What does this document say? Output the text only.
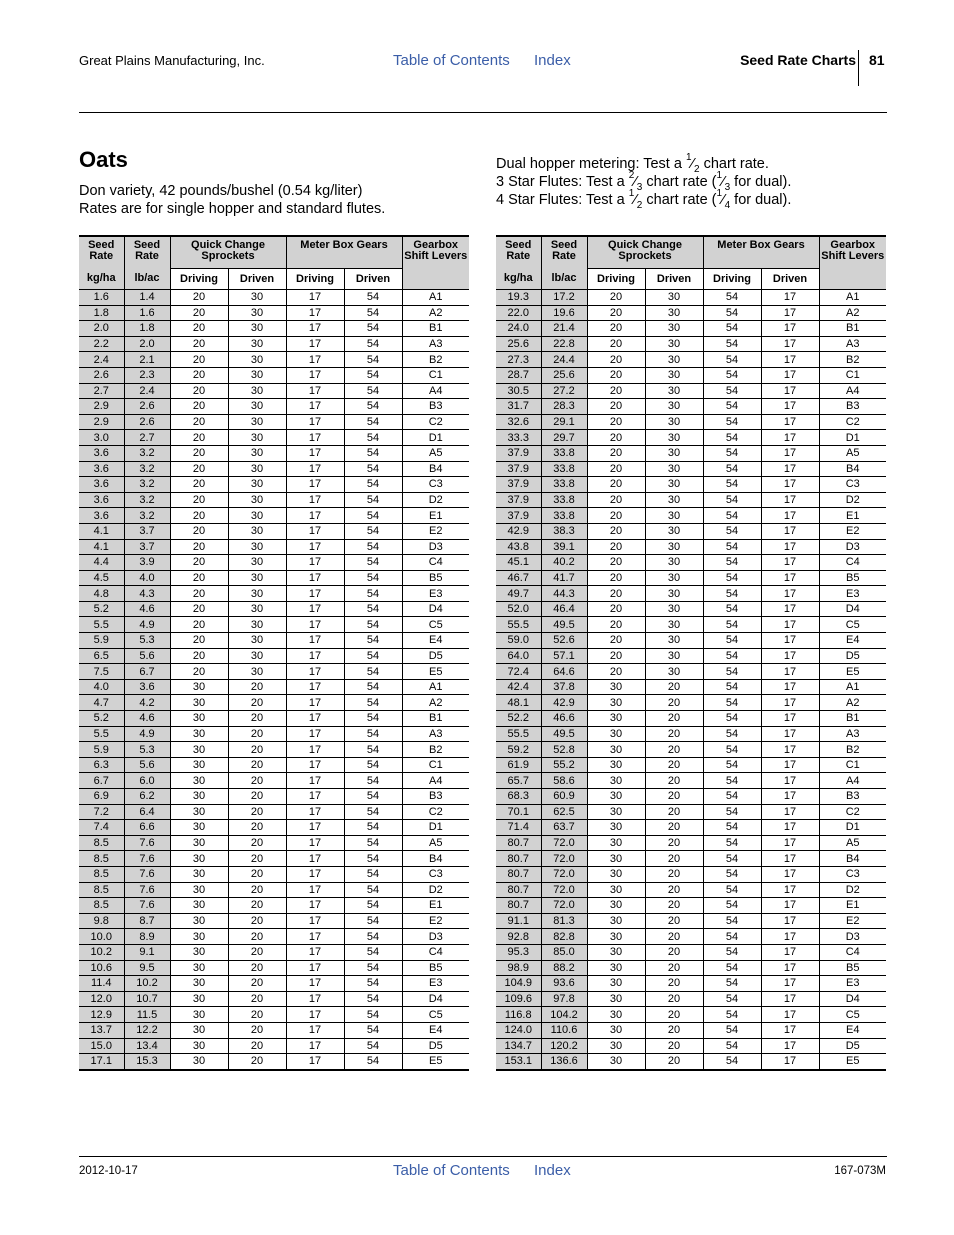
Great Plains Manufacturing, Inc.	Table of Contents Index	Seed Rate Charts 81
Oats
Don variety, 42 pounds/bushel (0.54 kg/liter)
Rates are for single hopper and standard flutes.
Dual hopper metering: Test a $^1⁄_2$ chart rate.
3 Star Flutes: Test a $^2⁄_3$ chart rate ($^1⁄_3$ for dual).
4 Star Flutes: Test a $^1⁄_2$ chart rate ($^1⁄_4$ for dual).
Seed Rate	Seed Rate	Quick Change Sprockets		Meter Box Gears		Gearbox Shift Levers
kg/ha	lb/ac	Driving	Driven	Driving	Driven	
1.6	1.4	20	30	17	54	A1
1.8	1.6	20	30	17	54	A2
2.0	1.8	20	30	17	54	B1
2.2	2.0	20	30	17	54	A3
2.4	2.1	20	30	17	54	B2
2.6	2.3	20	30	17	54	C1
2.7	2.4	20	30	17	54	A4
2.9	2.6	20	30	17	54	B3
2.9	2.6	20	30	17	54	C2
3.0	2.7	20	30	17	54	D1
3.6	3.2	20	30	17	54	A5
3.6	3.2	20	30	17	54	B4
3.6	3.2	20	30	17	54	C3
3.6	3.2	20	30	17	54	D2
3.6	3.2	20	30	17	54	E1
4.1	3.7	20	30	17	54	E2
4.1	3.7	20	30	17	54	D3
4.4	3.9	20	30	17	54	C4
4.5	4.0	20	30	17	54	B5
4.8	4.3	20	30	17	54	E3
5.2	4.6	20	30	17	54	D4
5.5	4.9	20	30	17	54	C5
5.9	5.3	20	30	17	54	E4
6.5	5.6	20	30	17	54	D5
7.5	6.7	20	30	17	54	E5
4.0	3.6	30	20	17	54	A1
4.7	4.2	30	20	17	54	A2
5.2	4.6	30	20	17	54	B1
5.5	4.9	30	20	17	54	A3
5.9	5.3	30	20	17	54	B2
6.3	5.6	30	20	17	54	C1
6.7	6.0	30	20	17	54	A4
6.9	6.2	30	20	17	54	B3
7.2	6.4	30	20	17	54	C2
7.4	6.6	30	20	17	54	D1
8.5	7.6	30	20	17	54	A5
8.5	7.6	30	20	17	54	B4
8.5	7.6	30	20	17	54	C3
8.5	7.6	30	20	17	54	D2
8.5	7.6	30	20	17	54	E1
9.8	8.7	30	20	17	54	E2
10.0	8.9	30	20	17	54	D3
10.2	9.1	30	20	17	54	C4
10.6	9.5	30	20	17	54	B5
11.4	10.2	30	20	17	54	E3
12.0	10.7	30	20	17	54	D4
12.9	11.5	30	20	17	54	C5
13.7	12.2	30	20	17	54	E4
15.0	13.4	30	20	17	54	D5
17.1	15.3	30	20	17	54	E5
Seed Rate	Seed Rate	Quick Change Sprockets		Meter Box Gears		Gearbox Shift Levers
kg/ha	lb/ac	Driving	Driven	Driving	Driven	
19.3	17.2	20	30	54	17	A1
22.0	19.6	20	30	54	17	A2
24.0	21.4	20	30	54	17	B1
25.6	22.8	20	30	54	17	A3
27.3	24.4	20	30	54	17	B2
28.7	25.6	20	30	54	17	C1
30.5	27.2	20	30	54	17	A4
31.7	28.3	20	30	54	17	B3
32.6	29.1	20	30	54	17	C2
33.3	29.7	20	30	54	17	D1
37.9	33.8	20	30	54	17	A5
37.9	33.8	20	30	54	17	B4
37.9	33.8	20	30	54	17	C3
37.9	33.8	20	30	54	17	D2
37.9	33.8	20	30	54	17	E1
42.9	38.3	20	30	54	17	E2
43.8	39.1	20	30	54	17	D3
45.1	40.2	20	30	54	17	C4
46.7	41.7	20	30	54	17	B5
49.7	44.3	20	30	54	17	E3
52.0	46.4	20	30	54	17	D4
55.5	49.5	20	30	54	17	C5
59.0	52.6	20	30	54	17	E4
64.0	57.1	20	30	54	17	D5
72.4	64.6	20	30	54	17	E5
42.4	37.8	30	20	54	17	A1
48.1	42.9	30	20	54	17	A2
52.2	46.6	30	20	54	17	B1
55.5	49.5	30	20	54	17	A3
59.2	52.8	30	20	54	17	B2
61.9	55.2	30	20	54	17	C1
65.7	58.6	30	20	54	17	A4
68.3	60.9	30	20	54	17	B3
70.1	62.5	30	20	54	17	C2
71.4	63.7	30	20	54	17	D1
80.7	72.0	30	20	54	17	A5
80.7	72.0	30	20	54	17	B4
80.7	72.0	30	20	54	17	C3
80.7	72.0	30	20	54	17	D2
80.7	72.0	30	20	54	17	E1
91.1	81.3	30	20	54	17	E2
92.8	82.8	30	20	54	17	D3
95.3	85.0	30	20	54	17	C4
98.9	88.2	30	20	54	17	B5
104.9	93.6	30	20	54	17	E3
109.6	97.8	30	20	54	17	D4
116.8	104.2	30	20	54	17	C5
124.0	110.6	30	20	54	17	E4
134.7	120.2	30	20	54	17	D5
153.1	136.6	30	20	54	17	E5
2012-10-17	Table of Contents Index	167-073M
